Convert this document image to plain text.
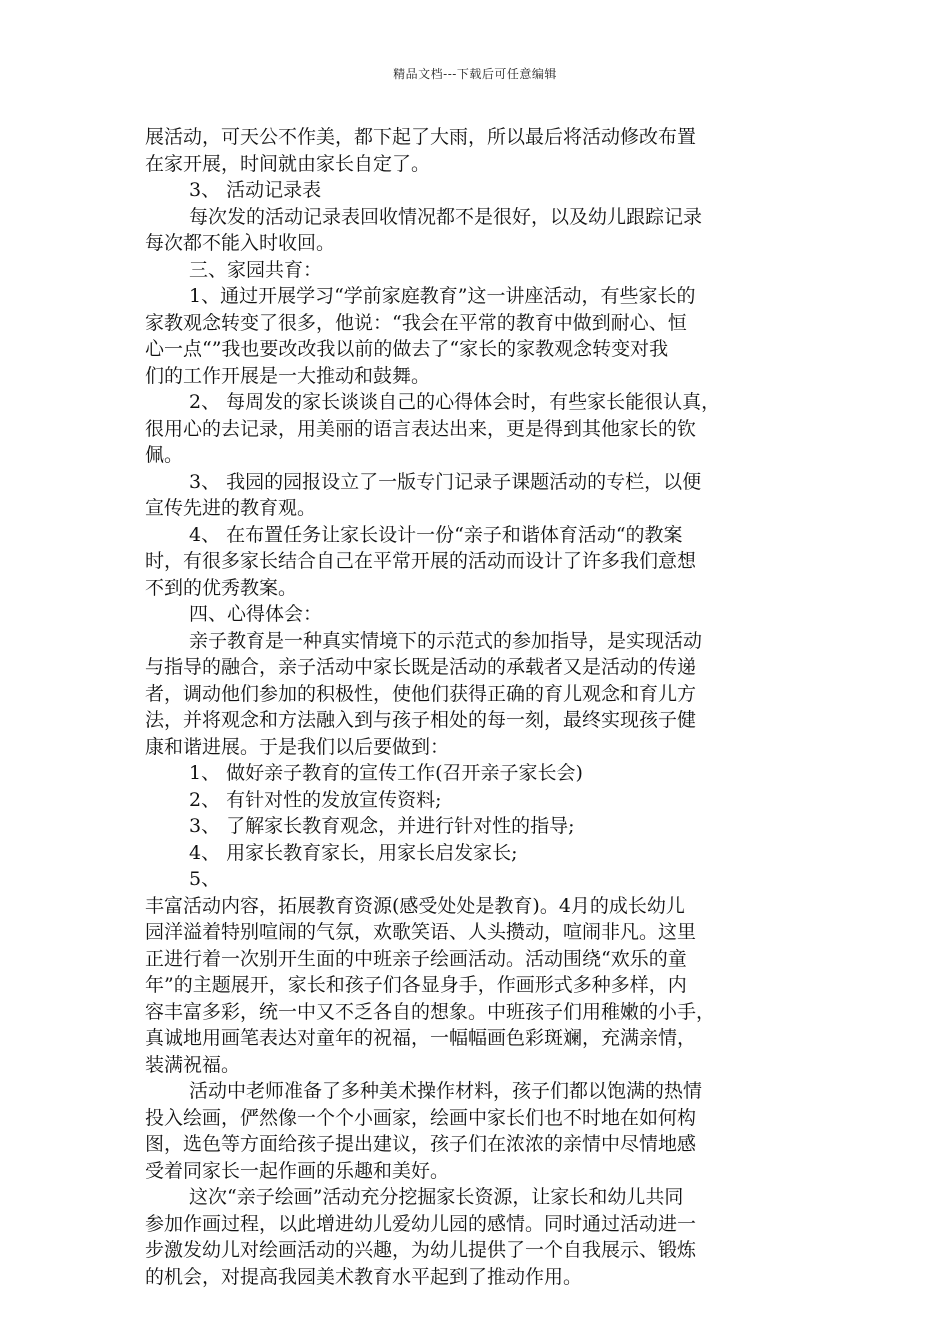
精品文档---下载后可任意编辑
展活动，可天公不作美，都下起了大雨，所以最后将活动修改布置
在家开展，时间就由家长自定了。
3、 活动记录表
每次发的活动记录表回收情况都不是很好，以及幼儿跟踪记录
每次都不能入时收回。
三、家园共育：
1、通过开展学习“学前家庭教育”这一讲座活动，有些家长的
家教观念转变了很多，他说：“我会在平常的教育中做到耐心、恒
心一点“”我也要改改我以前的做去了“家长的家教观念转变对我
们的工作开展是一大推动和鼓舞。
2、 每周发的家长谈谈自己的心得体会时，有些家长能很认真，
很用心的去记录，用美丽的语言表达出来，更是得到其他家长的钦
佩。
3、 我园的园报设立了一版专门记录子课题活动的专栏，以便
宣传先进的教育观。
4、 在布置任务让家长设计一份“亲子和谐体育活动“的教案
时，有很多家长结合自己在平常开展的活动而设计了许多我们意想
不到的优秀教案。
四、心得体会：
亲子教育是一种真实情境下的示范式的参加指导，是实现活动
与指导的融合，亲子活动中家长既是活动的承载者又是活动的传递
者，调动他们参加的积极性，使他们获得正确的育儿观念和育儿方
法，并将观念和方法融入到与孩子相处的每一刻，最终实现孩子健
康和谐进展。于是我们以后要做到：
1、 做好亲子教育的宣传工作(召开亲子家长会)
2、 有针对性的发放宣传资料;
3、 了解家长教育观念，并进行针对性的指导;
4、 用家长教育家长，用家长启发家长;
5、
丰富活动内容，拓展教育资源(感受处处是教育)。4月的成长幼儿
园洋溢着特别喧闹的气氛，欢歌笑语、人头攒动，喧闹非凡。这里
正进行着一次别开生面的中班亲子绘画活动。活动围绕“欢乐的童
年”的主题展开，家长和孩子们各显身手，作画形式多种多样，内
容丰富多彩，统一中又不乏各自的想象。中班孩子们用稚嫩的小手，
真诚地用画笔表达对童年的祝福，一幅幅画色彩斑斓，充满亲情，
装满祝福。
活动中老师准备了多种美术操作材料，孩子们都以饱满的热情
投入绘画，俨然像一个个小画家，绘画中家长们也不时地在如何构
图，选色等方面给孩子提出建议，孩子们在浓浓的亲情中尽情地感
受着同家长一起作画的乐趣和美好。
这次“亲子绘画”活动充分挖掘家长资源，让家长和幼儿共同
参加作画过程，以此增进幼儿爱幼儿园的感情。同时通过活动进一
步激发幼儿对绘画活动的兴趣，为幼儿提供了一个自我展示、锻炼
的机会，对提高我园美术教育水平起到了推动作用。
